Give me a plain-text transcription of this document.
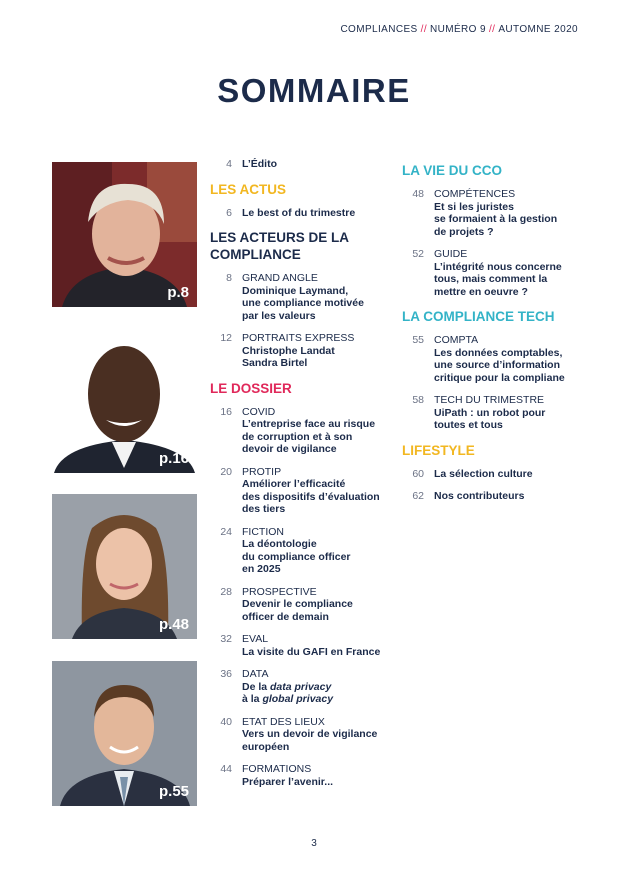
COMPLIANCES // NUMÉRO 9 // AUTOMNE 2020
SOMMAIRE
p.8
p.16
p.48
p.55
4 L’Édito
LES ACTUS
6 Le best of du trimestre
LES ACTEURS DE LA
COMPLIANCE
8 GRAND ANGLE
Dominique Laymand,
une compliance motivée
par les valeurs
12 PORTRAITS EXPRESS
Christophe Landat
Sandra Birtel
LE DOSSIER
16 COVID
L’entreprise face au risque
de corruption et à son
devoir de vigilance
20 PROTIP
Améliorer l’efficacité
des dispositifs d’évaluation
des tiers
24 FICTION
La déontologie
du compliance officer
en 2025
28 PROSPECTIVE
Devenir le compliance
officer de demain
32 EVAL
La visite du GAFI en France
36 DATA
De la data privacy
à la global privacy
40 ETAT DES LIEUX
Vers un devoir de vigilance
européen
44 FORMATIONS
Préparer l’avenir...
LA VIE DU CCO
48 COMPÉTENCES
Et si les juristes
se formaient à la gestion
de projets ?
52 GUIDE
L’intégrité nous concerne
tous, mais comment la
mettre en oeuvre ?
LA COMPLIANCE TECH
55 COMPTA
Les données comptables,
une source d’information
critique pour la compliane
58 TECH DU TRIMESTRE
UiPath : un robot pour
toutes et tous
LIFESTYLE
60 La sélection culture
62 Nos contributeurs
3
